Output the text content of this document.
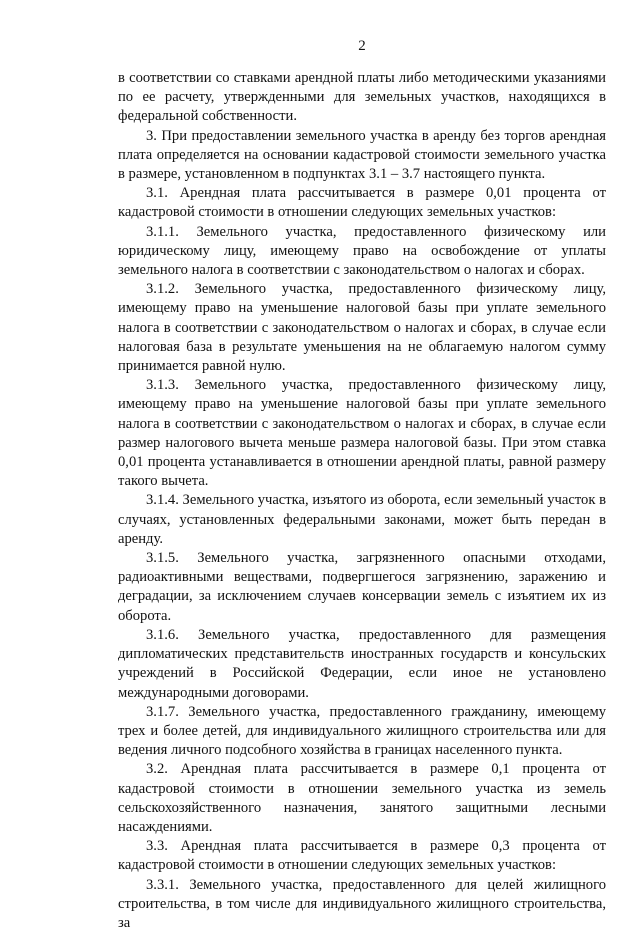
2

в соответствии со ставками арендной платы либо методическими указаниями по ее расчету, утвержденными для земельных участков, находящихся в федеральной собственности.

3. При предоставлении земельного участка в аренду без торгов арендная плата определяется на основании кадастровой стоимости земельного участка в размере, установленном в подпунктах 3.1 – 3.7 настоящего пункта.

3.1. Арендная плата рассчитывается в размере 0,01 процента от кадастровой стоимости в отношении следующих земельных участков:

3.1.1. Земельного участка, предоставленного физическому или юридическому лицу, имеющему право на освобождение от уплаты земельного налога в соответствии с законодательством о налогах и сборах.

3.1.2. Земельного участка, предоставленного физическому лицу, имеющему право на уменьшение налоговой базы при уплате земельного налога в соответствии с законодательством о налогах и сборах, в случае если налоговая база в результате уменьшения на не облагаемую налогом сумму принимается равной нулю.

3.1.3. Земельного участка, предоставленного физическому лицу, имеющему право на уменьшение налоговой базы при уплате земельного налога в соответствии с законодательством о налогах и сборах, в случае если размер налогового вычета меньше размера налоговой базы. При этом ставка 0,01 процента устанавливается в отношении арендной платы, равной размеру такого вычета.

3.1.4. Земельного участка, изъятого из оборота, если земельный участок в случаях, установленных федеральными законами, может быть передан в аренду.

3.1.5. Земельного участка, загрязненного опасными отходами, радиоактивными веществами, подвергшегося загрязнению, заражению и деградации, за исключением случаев консервации земель с изъятием их из оборота.

3.1.6. Земельного участка, предоставленного для размещения дипломатических представительств иностранных государств и консульских учреждений в Российской Федерации, если иное не установлено международными договорами.

3.1.7. Земельного участка, предоставленного гражданину, имеющему трех и более детей, для индивидуального жилищного строительства или для ведения личного подсобного хозяйства в границах населенного пункта.

3.2. Арендная плата рассчитывается в размере 0,1 процента от кадастровой стоимости в отношении земельного участка из земель сельскохозяйственного назначения, занятого защитными лесными насаждениями.

3.3. Арендная плата рассчитывается в размере 0,3 процента от кадастровой стоимости в отношении следующих земельных участков:

3.3.1. Земельного участка, предоставленного для целей жилищного строительства, в том числе для индивидуального жилищного строительства, за
